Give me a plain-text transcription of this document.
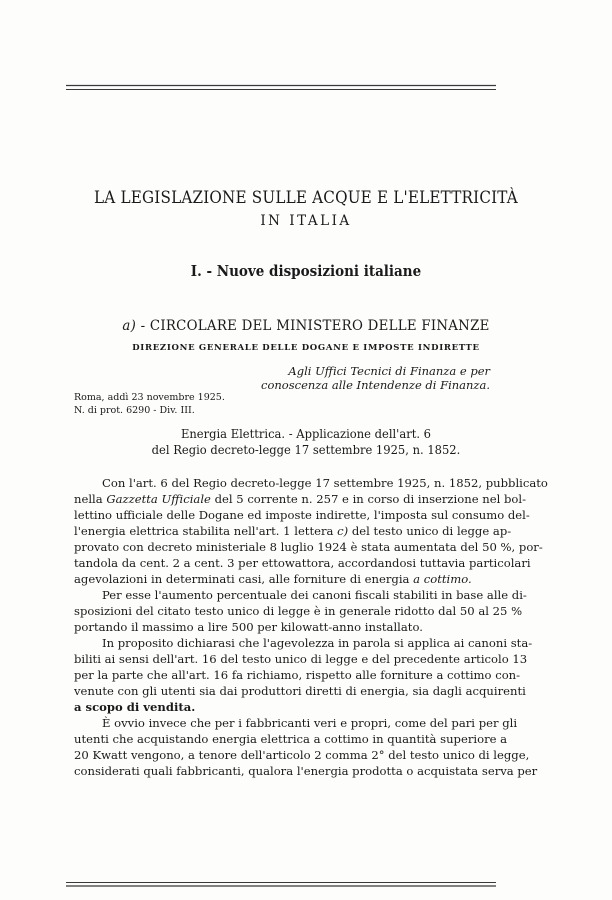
LA LEGISLAZIONE SULLE ACQUE E L'ELETTRICITÀ
IN ITALIA
I. - Nuove disposizioni italiane
a) - CIRCOLARE DEL MINISTERO DELLE FINANZE
DIREZIONE GENERALE DELLE DOGANE E IMPOSTE INDIRETTE
Agli Uffici Tecnici di Finanza e per
conoscenza alle Intendenze di Finanza.
Roma, addì 23 novembre 1925.
N. di prot. 6290 - Div. III.
Energia Elettrica. - Applicazione dell'art. 6
del Regio decreto-legge 17 settembre 1925, n. 1852.
Con l'art. 6 del Regio decreto-legge 17 settembre 1925, n. 1852, pubblicato
nella Gazzetta Ufficiale del 5 corrente n. 257 e in corso di inserzione nel bol-
lettino ufficiale delle Dogane ed imposte indirette, l'imposta sul consumo del-
l'energia elettrica stabilita nell'art. 1 lettera c) del testo unico di legge ap-
provato con decreto ministeriale 8 luglio 1924 è stata aumentata del 50 %, por-
tandola da cent. 2 a cent. 3 per ettowattora, accordandosi tuttavia particolari
agevolazioni in determinati casi, alle forniture di energia a cottimo.
Per esse l'aumento percentuale dei canoni fiscali stabiliti in base alle di-
sposizioni del citato testo unico di legge è in generale ridotto dal 50 al 25 %
portando il massimo a lire 500 per kilowatt-anno installato.
In proposito dichiarasi che l'agevolezza in parola si applica ai canoni sta-
biliti ai sensi dell'art. 16 del testo unico di legge e del precedente articolo 13
per la parte che all'art. 16 fa richiamo, rispetto alle forniture a cottimo con-
venute con gli utenti sia dai produttori diretti di energia, sia dagli acquirenti
a scopo di vendita.
È ovvio invece che per i fabbricanti veri e propri, come del pari per gli
utenti che acquistando energia elettrica a cottimo in quantità superiore a
20 Kwatt vengono, a tenore dell'articolo 2 comma 2° del testo unico di legge,
considerati quali fabbricanti, qualora l'energia prodotta o acquistata serva per
